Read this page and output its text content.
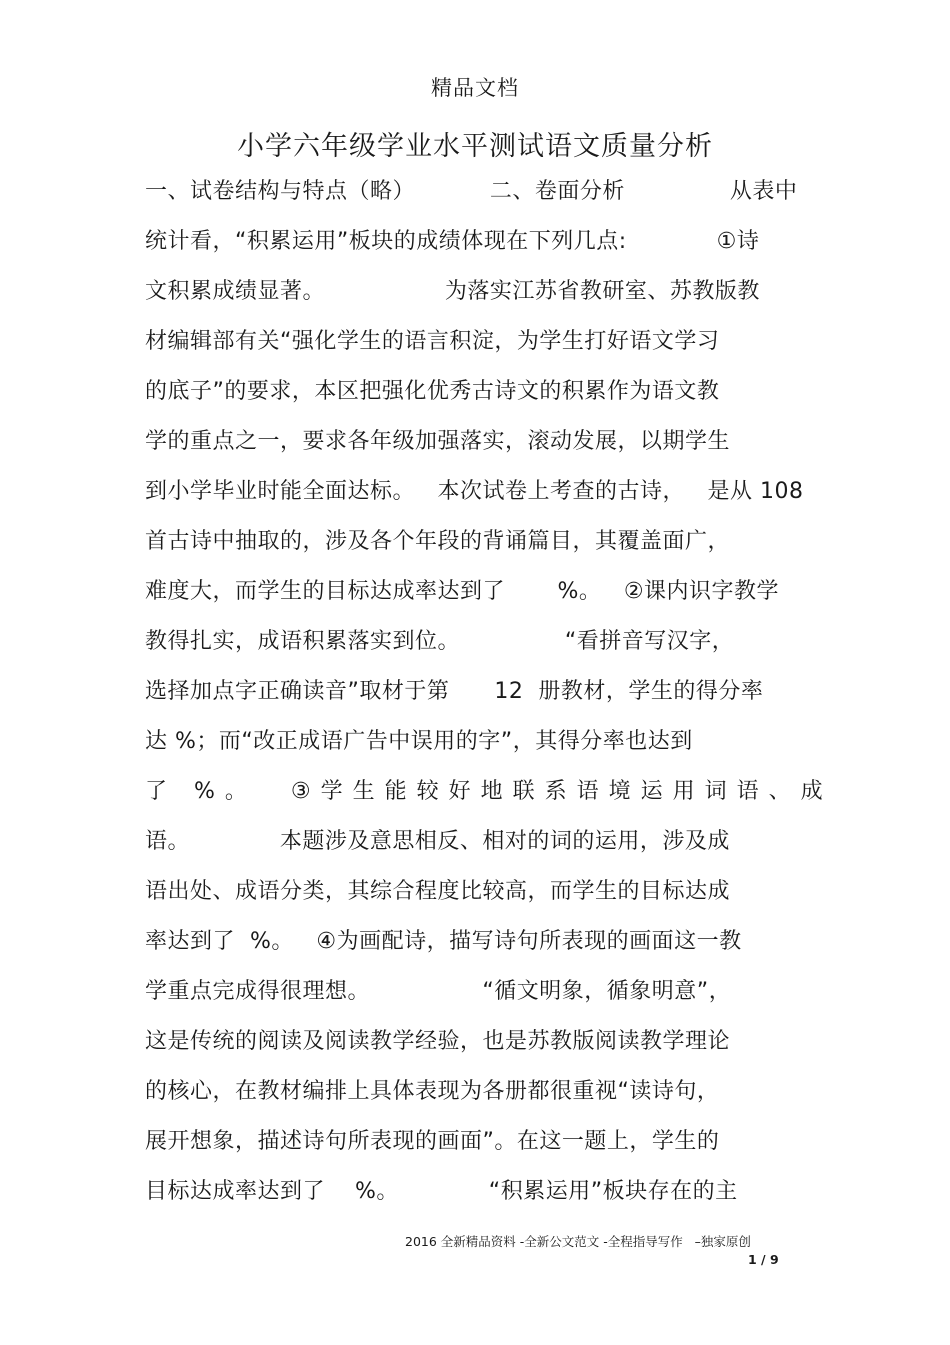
精品文档
小学六年级学业水平测试语文质量分析
一、试卷结构与特点（略）          二、卷面分析              从表中
统计看，“积累运用”板块的成绩体现在下列几点:            ①诗
文积累成绩显著。                为落实江苏省教研室、苏教版教
材编辑部有关“强化学生的语言积淀，为学生打好语文学习
的底子”的要求，本区把强化优秀古诗文的积累作为语文教
学的重点之一，要求各年级加强落实，滚动发展，以期学生
到小学毕业时能全面达标。   本次试卷上考查的古诗，   是从 108
首古诗中抽取的，涉及各个年段的背诵篇目，其覆盖面广，
难度大，而学生的目标达成率达到了       %。   ②课内识字教学
教得扎实，成语积累落实到位。              “看拼音写汉字，
选择加点字正确读音”取材于第      12  册教材，学生的得分率
达 %；而“改正成语广告中误用的字”，其得分率也达到
了 %。  ③学生能较好地联系语境运用词语、成
语。            本题涉及意思相反、相对的词的运用，涉及成
语出处、成语分类，其综合程度比较高，而学生的目标达成
率达到了  %。   ④为画配诗，描写诗句所表现的画面这一教
学重点完成得很理想。               “循文明象，循象明意”，
这是传统的阅读及阅读教学经验，也是苏教版阅读教学理论
的核心，在教材编排上具体表现为各册都很重视“读诗句，
展开想象，描述诗句所表现的画面”。在这一题上，学生的
目标达成率达到了    %。            “积累运用”板块存在的主
2016 全新精品资料 -全新公文范文 -全程指导写作   –独家原创
1 / 9
